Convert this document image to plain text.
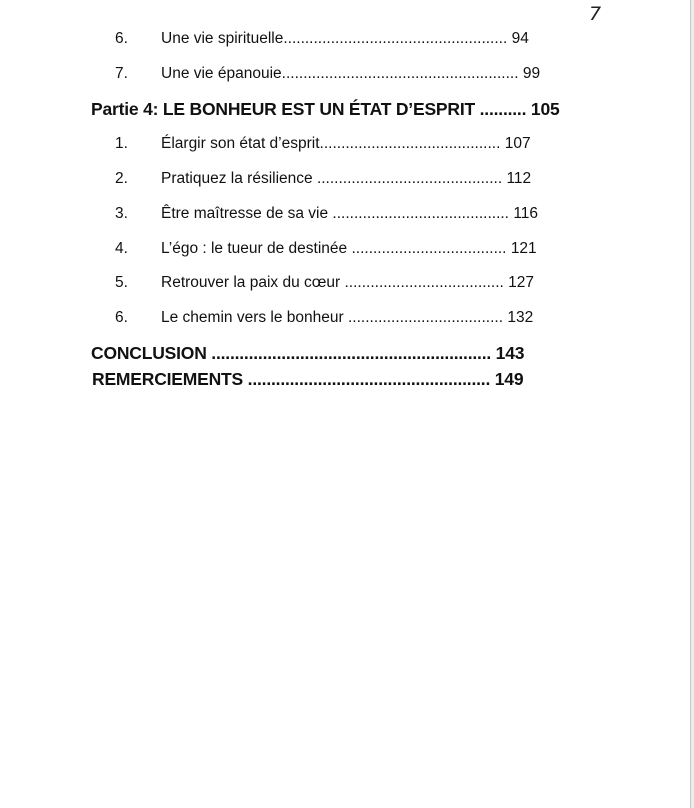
7
6. Une vie spirituelle.................................................... 94
7. Une vie épanouie....................................................... 99
Partie 4: LE BONHEUR EST UN ÉTAT D’ESPRIT .......... 105
1. Élargir son état d’esprit.......................................... 107
2. Pratiquez la résilience ........................................... 112
3. Être maîtresse de sa vie ......................................... 116
4. L’égo : le tueur de destinée .................................... 121
5. Retrouver la paix du cœur ..................................... 127
6. Le chemin vers le bonheur .................................... 132
CONCLUSION ............................................................ 143
REMERCIEMENTS .................................................... 149
